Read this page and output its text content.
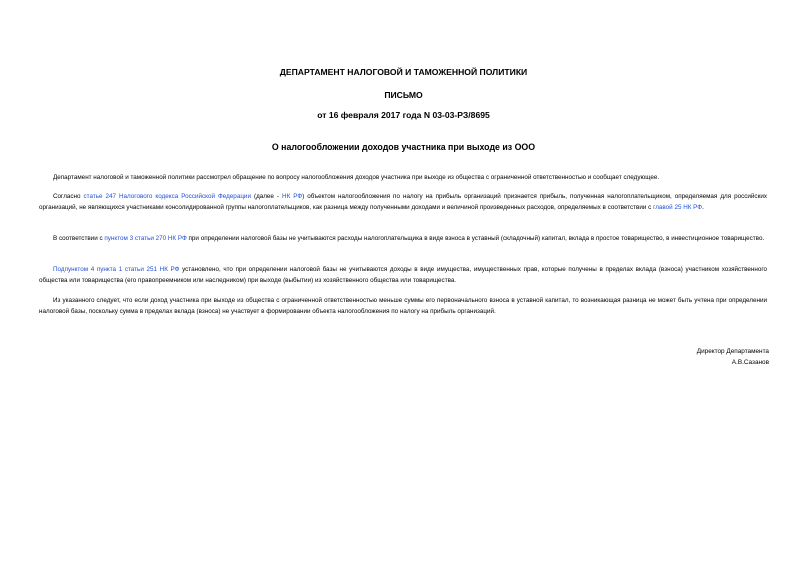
ДЕПАРТАМЕНТ НАЛОГОВОЙ И ТАМОЖЕННОЙ ПОЛИТИКИ
ПИСЬМО
от 16 февраля 2017 года N 03-03-РЗ/8695
О налогообложении доходов участника при выходе из ООО

Департамент налоговой и таможенной политики рассмотрел обращение по вопросу налогообложения доходов участника при выходе из общества с ограниченной ответственностью и сообщает следующее.

Согласно статье 247 Налогового кодекса Российской Федерации (далее - НК РФ) объектом налогообложения по налогу на прибыль организаций признается прибыль, полученная налогоплательщиком, определяемая для российских организаций, не являющихся участниками консолидированной группы налогоплательщиков, как разница между полученными доходами и величиной произведенных расходов, определяемых в соответствии с главой 25 НК РФ.

В соответствии с пунктом 3 статьи 270 НК РФ при определении налоговой базы не учитываются расходы налогоплательщика в виде взноса в уставный (складочный) капитал, вклада в простое товарищество, в инвестиционное товарищество.

Подпунктом 4 пункта 1 статьи 251 НК РФ установлено, что при определении налоговой базы не учитываются доходы в виде имущества, имущественных прав, которые получены в пределах вклада (взноса) участником хозяйственного общества или товарищества (его правопреемником или наследником) при выходе (выбытии) из хозяйственного общества или товарищества.

Из указанного следует, что если доход участника при выходе из общества с ограниченной ответственностью меньше суммы его первоначального взноса в уставной капитал, то возникающая разница не может быть учтена при определении налоговой базы, поскольку сумма в пределах вклада (взноса) не участвует в формировании объекта налогообложения по налогу на прибыль организаций.

Директор Департамента
А.В.Сазанов
